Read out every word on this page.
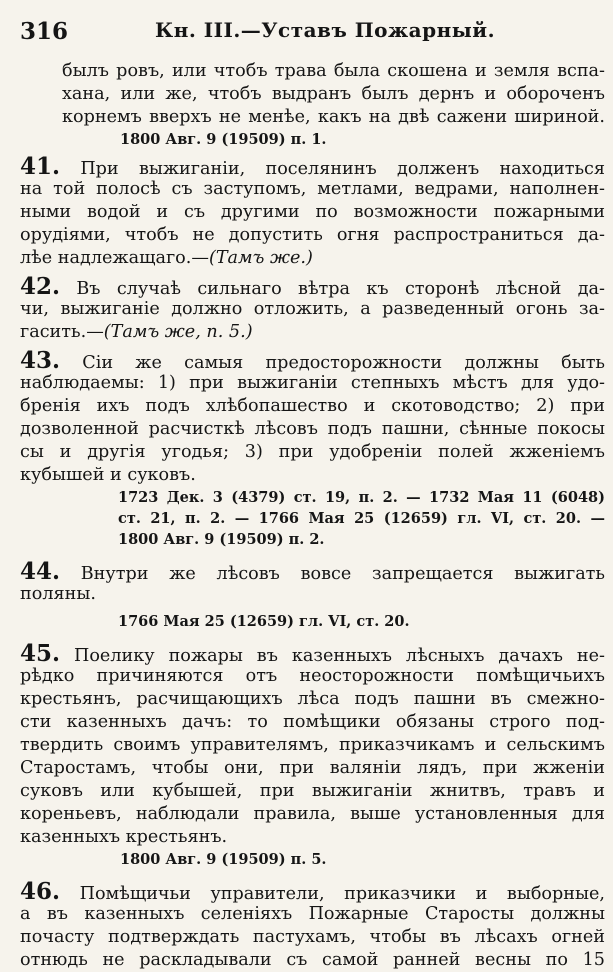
316	Кн. III.—Уставъ Пожарный.
былъ ровъ, или чтобъ трава была скошена и земля вспа-
хана, или же, чтобъ выдранъ былъ дернъ и обороченъ
корнемъ вверхъ не менѣе, какъ на двѣ сажени шириной.
1800 Авг. 9 (19509) п. 1.
41. При выжиганіи, поселянинъ долженъ находиться
на той полосѣ съ заступомъ, метлами, ведрами, наполнен-
ными водой и съ другими по возможности пожарными
орудіями, чтобъ не допустить огня распространиться да-
лѣе надлежащаго.—(Тамъ же.)
42. Въ случаѣ сильнаго вѣтра къ сторонѣ лѣсной да-
чи, выжиганіе должно отложить, а разведенный огонь за-
гасить.—(Тамъ же, п. 5.)
43. Сіи же самыя предосторожности должны быть
наблюдаемы: 1) при выжиганіи степныхъ мѣстъ для удо-
бренія ихъ подъ хлѣбопашество и скотоводство; 2) при
дозволенной расчисткѣ лѣсовъ подъ пашни, сѣнные покосы
сы и другія угодья; 3) при удобреніи полей жженіемъ
кубышей и суковъ.
1723 Дек. 3 (4379) ст. 19, п. 2. — 1732 Мая 11 (6048)
ст. 21, п. 2. — 1766 Мая 25 (12659) гл. VI, ст. 20. —
1800 Авг. 9 (19509) п. 2.
44. Внутри же лѣсовъ вовсе запрещается выжигать
поляны.
1766 Мая 25 (12659) гл. VI, ст. 20.
45. Поелику пожары въ казенныхъ лѣсныхъ дачахъ не-
рѣдко причиняются отъ неосторожности помѣщичьихъ
крестьянъ, расчищающихъ лѣса подъ пашни въ смежно-
сти казенныхъ дачъ: то помѣщики обязаны строго под-
твердить своимъ управителямъ, приказчикамъ и сельскимъ
Старостамъ, чтобы они, при валяніи лядъ, при жженіи
суковъ или кубышей, при выжиганіи жнитвъ, травъ и
кореньевъ, наблюдали правила, выше установленныя для
казенныхъ крестьянъ.
1800 Авг. 9 (19509) п. 5.
46. Помѣщичьи управители, приказчики и выборные,
а въ казенныхъ селеніяхъ Пожарные Старосты должны
почасту подтверждать пастухамъ, чтобы въ лѣсахъ огней
отнюдь не раскладывали съ самой ранней весны по 15
